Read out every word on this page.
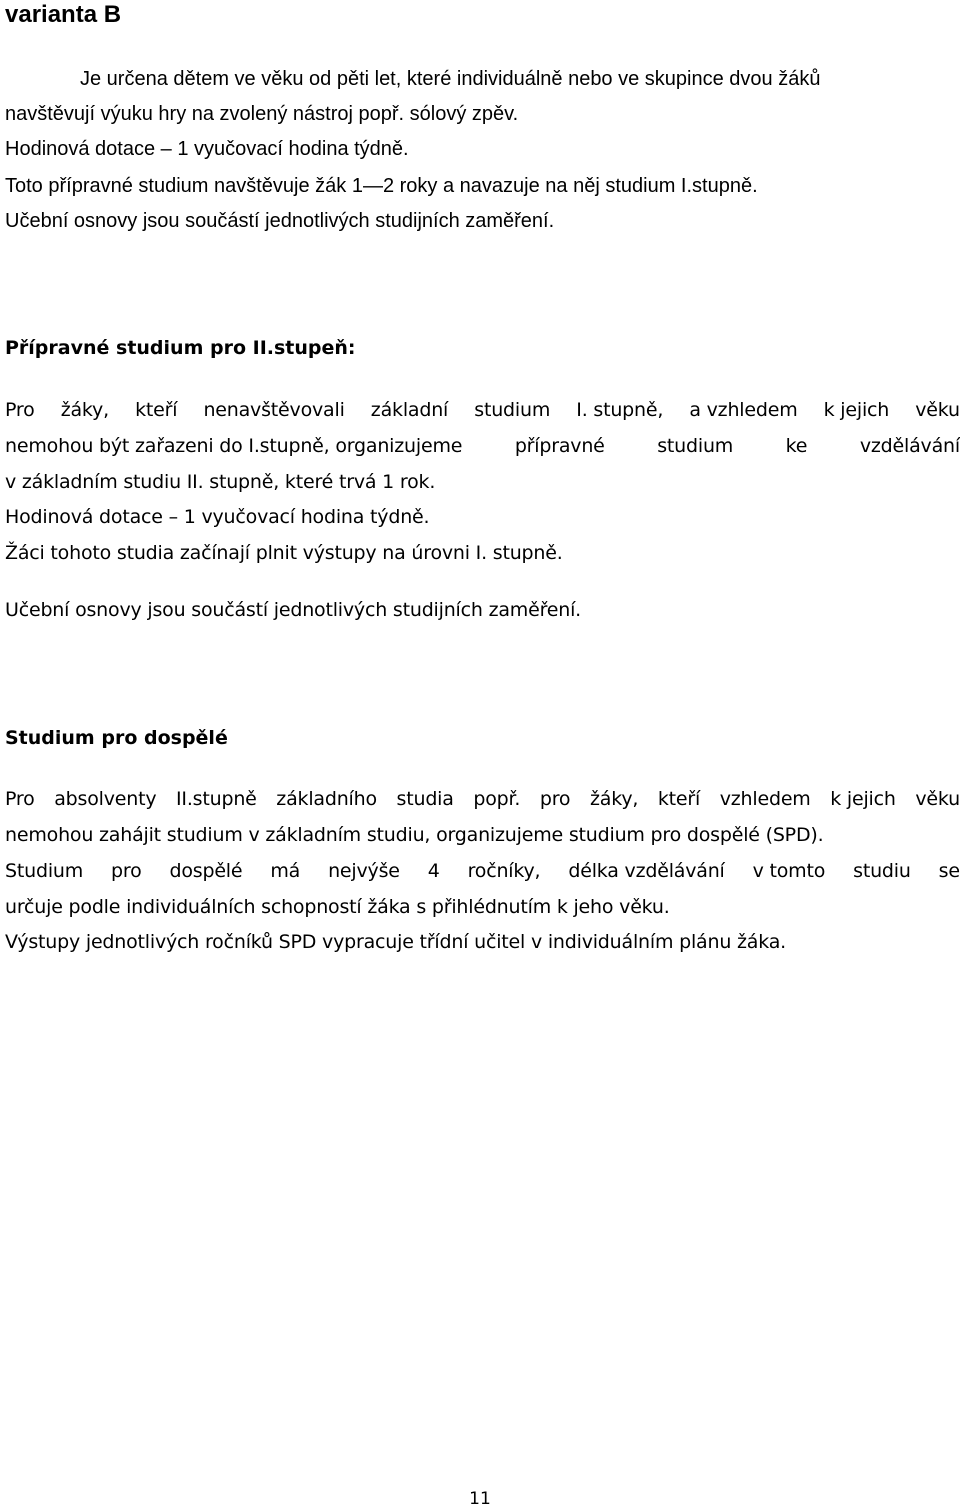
varianta B
Je určena dětem ve věku od pěti let, které individuálně nebo ve skupince dvou žáků
navštěvují výuku hry na zvolený nástroj popř. sólový zpěv.
Hodinová dotace – 1 vyučovací hodina týdně.
Toto přípravné studium navštěvuje žák 1—2 roky a navazuje na něj studium I.stupně.
Učební osnovy jsou součástí jednotlivých studijních zaměření.
Přípravné studium pro II.stupeň:
Pro žáky, kteří nenavštěvovali základní studium I. stupně, a vzhledem k jejich věku
nemohou být zařazeni do I.stupně, organizujeme	přípravné	studium	ke	vzdělávání
v základním studiu II. stupně, které trvá 1 rok.
Hodinová dotace – 1 vyučovací hodina týdně.
Žáci tohoto studia začínají plnit výstupy na úrovni I. stupně.
Učební osnovy jsou součástí jednotlivých studijních zaměření.
Studium pro dospělé
Pro absolventy II.stupně základního studia popř. pro žáky, kteří vzhledem k jejich věku
nemohou zahájit studium v základním studiu, organizujeme studium pro dospělé (SPD).
Studium pro dospělé má nejvýše 4 ročníky, délka vzdělávání v tomto studiu se
určuje podle individuálních schopností žáka s přihlédnutím k jeho věku.
Výstupy jednotlivých ročníků SPD vypracuje třídní učitel v individuálním plánu žáka.
11
